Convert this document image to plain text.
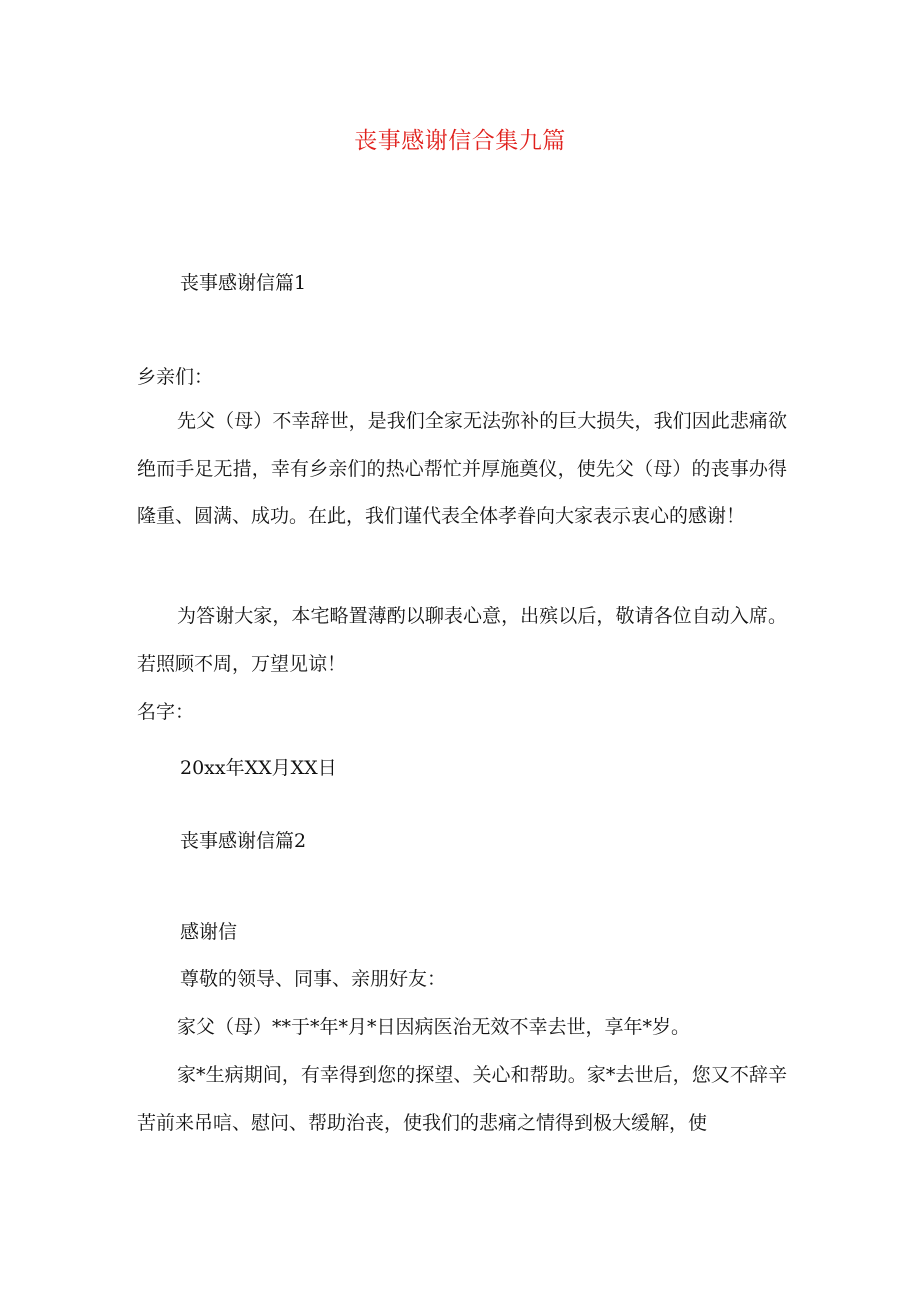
丧事感谢信合集九篇
丧事感谢信篇1
乡亲们：
先父（母）不幸辞世，是我们全家无法弥补的巨大损失，我们因此悲痛欲绝而手足无措，幸有乡亲们的热心帮忙并厚施奠仪，使先父（母）的丧事办得隆重、圆满、成功。在此，我们谨代表全体孝眷向大家表示衷心的感谢！
为答谢大家，本宅略置薄酌以聊表心意，出殡以后，敬请各位自动入席。若照顾不周，万望见谅！
名字：
20xx年XX月XX日
丧事感谢信篇2
感谢信
尊敬的领导、同事、亲朋好友：
家父（母）**于*年*月*日因病医治无效不幸去世，享年*岁。
家*生病期间，有幸得到您的探望、关心和帮助。家*去世后，您又不辞辛苦前来吊唁、慰问、帮助治丧，使我们的悲痛之情得到极大缓解，使
